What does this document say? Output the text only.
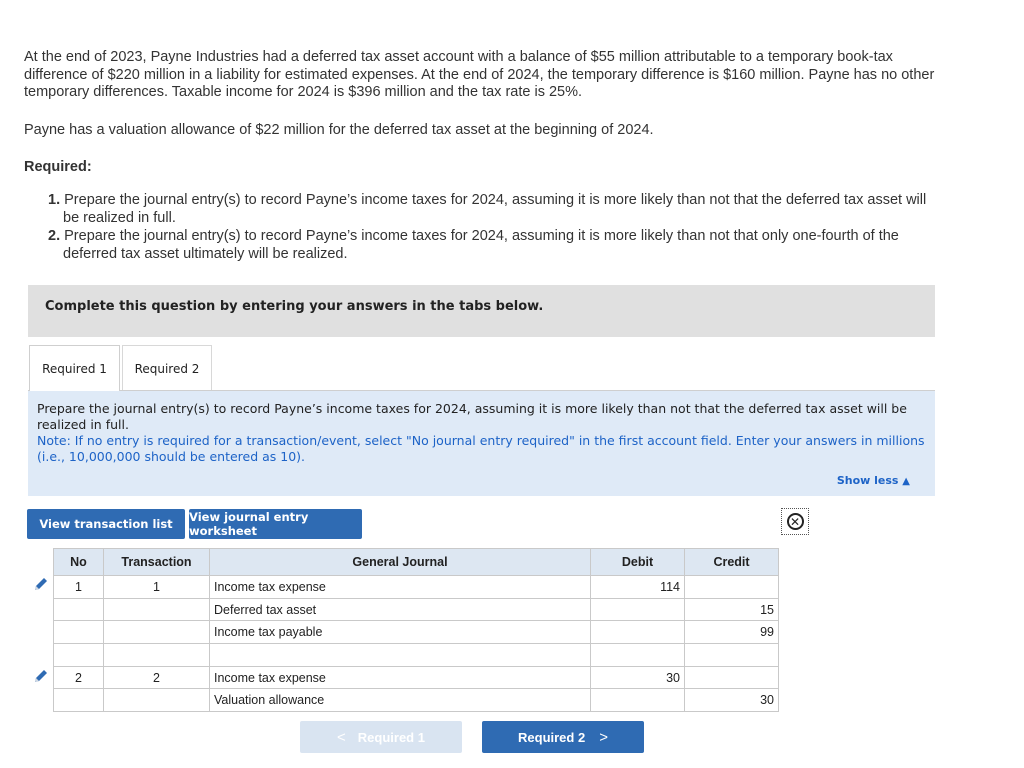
At the end of 2023, Payne Industries had a deferred tax asset account with a balance of $55 million attributable to a temporary book-tax difference of $220 million in a liability for estimated expenses. At the end of 2024, the temporary difference is $160 million. Payne has no other temporary differences. Taxable income for 2024 is $396 million and the tax rate is 25%.

Payne has a valuation allowance of $22 million for the deferred tax asset at the beginning of 2024.

Required:

1. Prepare the journal entry(s) to record Payne’s income taxes for 2024, assuming it is more likely than not that the deferred tax asset will be realized in full.
2. Prepare the journal entry(s) to record Payne’s income taxes for 2024, assuming it is more likely than not that only one-fourth of the deferred tax asset ultimately will be realized.
Complete this question by entering your answers in the tabs below.
Required 1	Required 2

Prepare the journal entry(s) to record Payne’s income taxes for 2024, assuming it is more likely than not that the deferred tax asset will be realized in full.

Note: If no entry is required for a transaction/event, select "No journal entry required" in the first account field. Enter your answers in millions (i.e., 10,000,000 should be entered as 10).

Show less ▲
View transaction list	View journal entry worksheet
✕
No	Transaction	General Journal	Debit	Credit
1	1	Income tax expense	114	
		Deferred tax asset		15
		Income tax payable		99

2	2	Income tax expense	30	
		Valuation allowance		30
< Required 1	Required 2 >
